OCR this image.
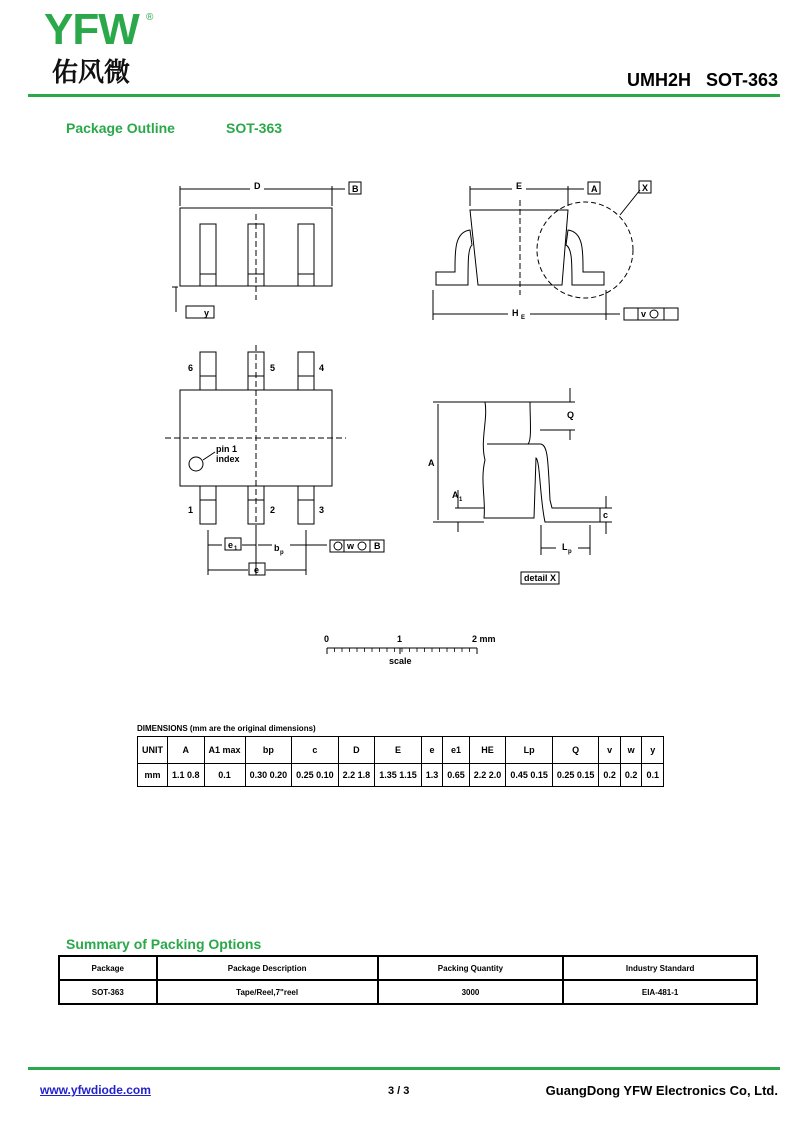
YFW ®
佑风微	UMH2H SOT-363
Package Outline	SOT-363
D	B	E	A	X
y	H E	v
6	5	4
1	2	3
pin 1
index
e 1	b p
w B
e
Q
A
A 1
c
L p
detail X
0	1	2 mm
scale
DIMENSIONS (mm are the original dimensions)
UNIT	A	A1 max	bp	c	D	E	e	e1	HE	Lp	Q	v	w	y
mm	1.1 0.8	0.1	0.30 0.20	0.25 0.10	2.2 1.8	1.35 1.15	1.3	0.65	2.2 2.0	0.45 0.15	0.25 0.15	0.2	0.2	0.1
Summary of Packing Options
Package	Package Description	Packing Quantity	Industry Standard
SOT-363	Tape/Reel,7"reel	3000	EIA-481-1
www.yfwdiode.com	3 / 3	GuangDong YFW Electronics Co, Ltd.
